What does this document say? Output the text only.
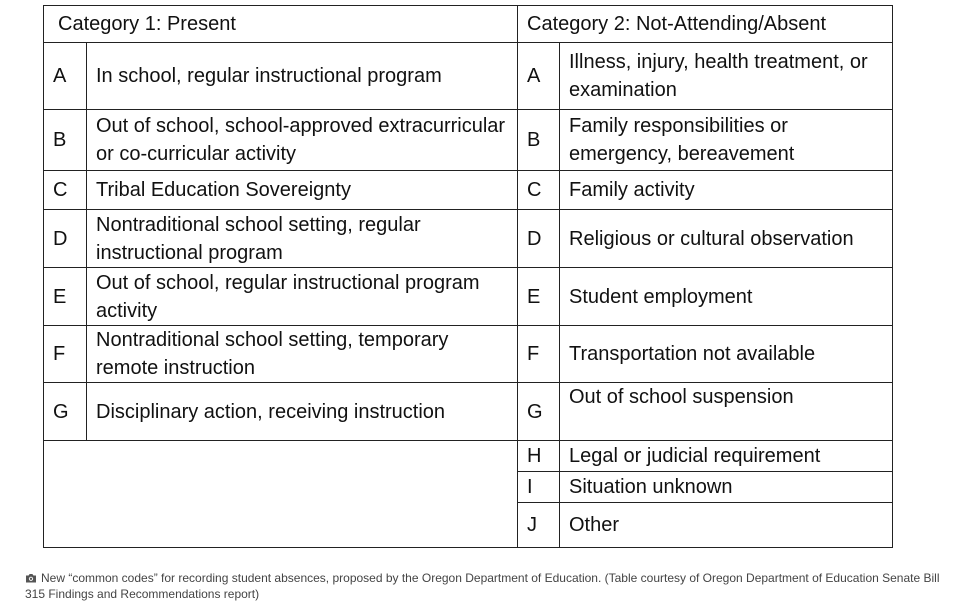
Category 1: Present		Category 2: Not-Attending/Absent	
A	In school, regular instructional program	A	Illness, injury, health treatment, or examination
B	Out of school, school-approved extracurricular or co-curricular activity	B	Family responsibilities or emergency, bereavement
C	Tribal Education Sovereignty	C	Family activity
D	Nontraditional school setting, regular instructional program	D	Religious or cultural observation
E	Out of school, regular instructional program activity	E	Student employment
F	Nontraditional school setting, temporary remote instruction	F	Transportation not available
G	Disciplinary action, receiving instruction	G	Out of school suspension
		H	Legal or judicial requirement
		I	Situation unknown
		J	Other
New “common codes” for recording student absences, proposed by the Oregon Department of Education. (Table courtesy of Oregon Department of Education Senate Bill 315 Findings and Recommendations report)
